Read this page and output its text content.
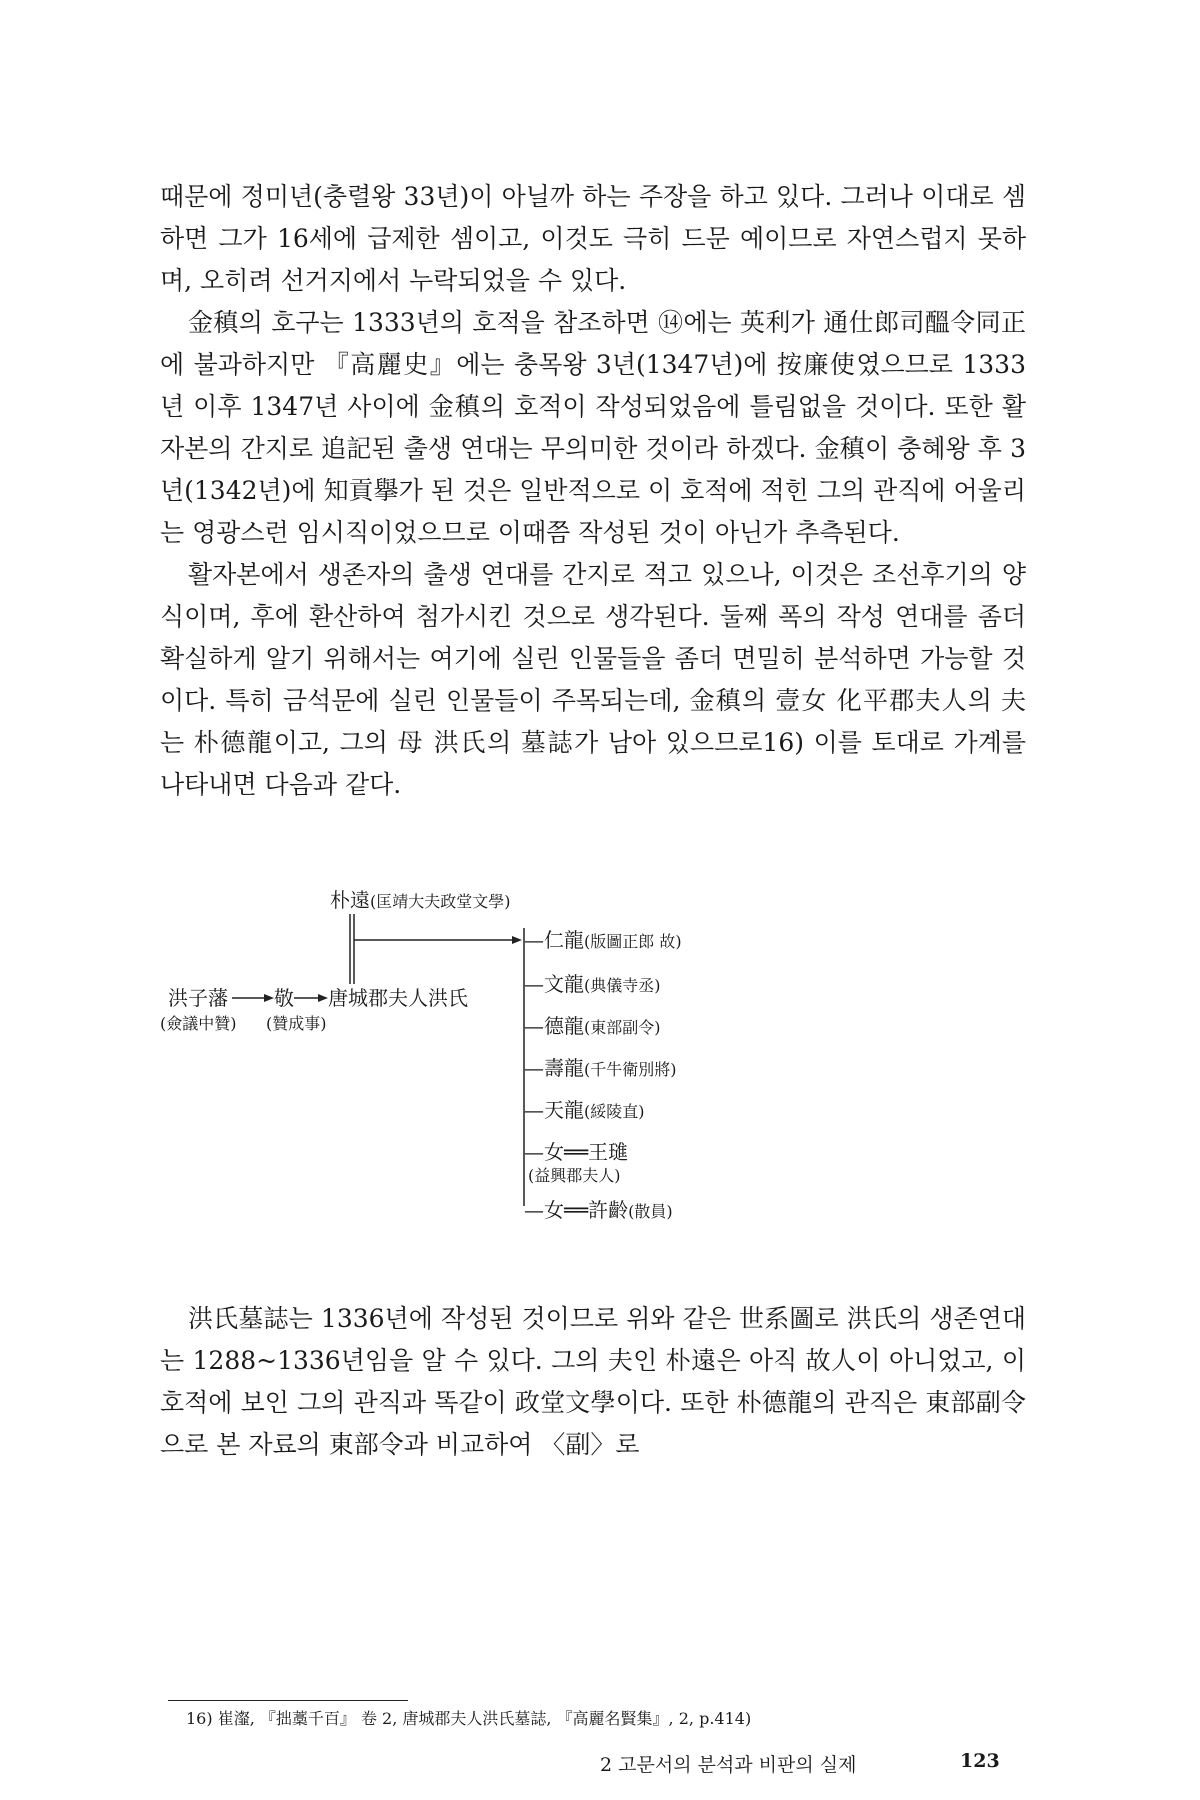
때문에 정미년(충렬왕 33년)이 아닐까 하는 주장을 하고 있다. 그러나 이대로 셈하면 그가 16세에 급제한 셈이고, 이것도 극히 드문 예이므로 자연스럽지 못하며, 오히려 선거지에서 누락되었을 수 있다.

金稹의 호구는 1333년의 호적을 참조하면 ⑭에는 英利가 通仕郎司醞令同正에 불과하지만 『高麗史』에는 충목왕 3년(1347년)에 按廉使였으므로 1333년 이후 1347년 사이에 金稹의 호적이 작성되었음에 틀림없을 것이다. 또한 활자본의 간지로 追記된 출생 연대는 무의미한 것이라 하겠다. 金稹이 충혜왕 후 3년(1342년)에 知貢擧가 된 것은 일반적으로 이 호적에 적힌 그의 관직에 어울리는 영광스런 임시직이었으므로 이때쯤 작성된 것이 아닌가 추측된다.

활자본에서 생존자의 출생 연대를 간지로 적고 있으나, 이것은 조선후기의 양식이며, 후에 환산하여 첨가시킨 것으로 생각된다. 둘째 폭의 작성 연대를 좀더 확실하게 알기 위해서는 여기에 실린 인물들을 좀더 면밀히 분석하면 가능할 것이다. 특히 금석문에 실린 인물들이 주목되는데, 金稹의 壹女 化平郡夫人의 夫는 朴德龍이고, 그의 母 洪氏의 墓誌가 남아 있으므로16) 이를 토대로 가계를 나타내면 다음과 같다.

朴遠(匡靖大夫政堂文學)
洪子藩
(僉議中贊)
敬
(贊成事)
唐城郡夫人洪氏
—仁龍(版圖正郎 故)
—文龍(典儀寺丞)
—德龍(東部副令)
—壽龍(千牛衛別將)
—天龍(綏陵直)
—女══王璡
(益興郡夫人)
—女══許齡(散員)

洪氏墓誌는 1336년에 작성된 것이므로 위와 같은 世系圖로 洪氏의 생존연대는 1288~1336년임을 알 수 있다. 그의 夫인 朴遠은 아직 故人이 아니었고, 이 호적에 보인 그의 관직과 똑같이 政堂文學이다. 또한 朴德龍의 관직은 東部副令으로 본 자료의 東部令과 비교하여 〈副〉로

16) 崔瀣, 『拙藁千百』 卷 2, 唐城郡夫人洪氏墓誌, 『高麗名賢集』, 2, p.414)
2 고문서의 분석과 비판의 실제	123
